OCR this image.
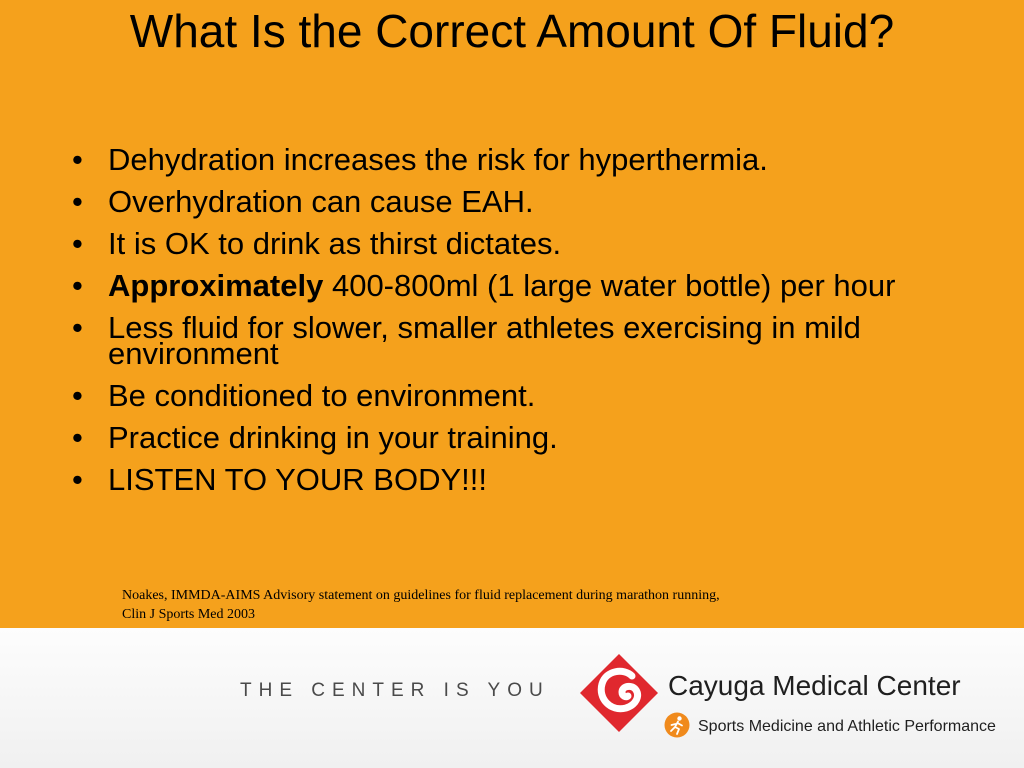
What Is the Correct Amount Of Fluid?
• Dehydration increases the risk for hyperthermia.
• Overhydration can cause EAH.
• It is OK to drink as thirst dictates.
• Approximately 400-800ml (1 large water bottle) per hour
• Less fluid for slower, smaller athletes exercising in mild environment
• Be conditioned to environment.
• Practice drinking in your training.
• LISTEN TO YOUR BODY!!!
Noakes, IMMDA-AIMS Advisory statement on guidelines for fluid replacement during marathon running,
Clin J Sports Med 2003
THE CENTER IS YOU	Cayuga Medical Center
Sports Medicine and Athletic Performance
